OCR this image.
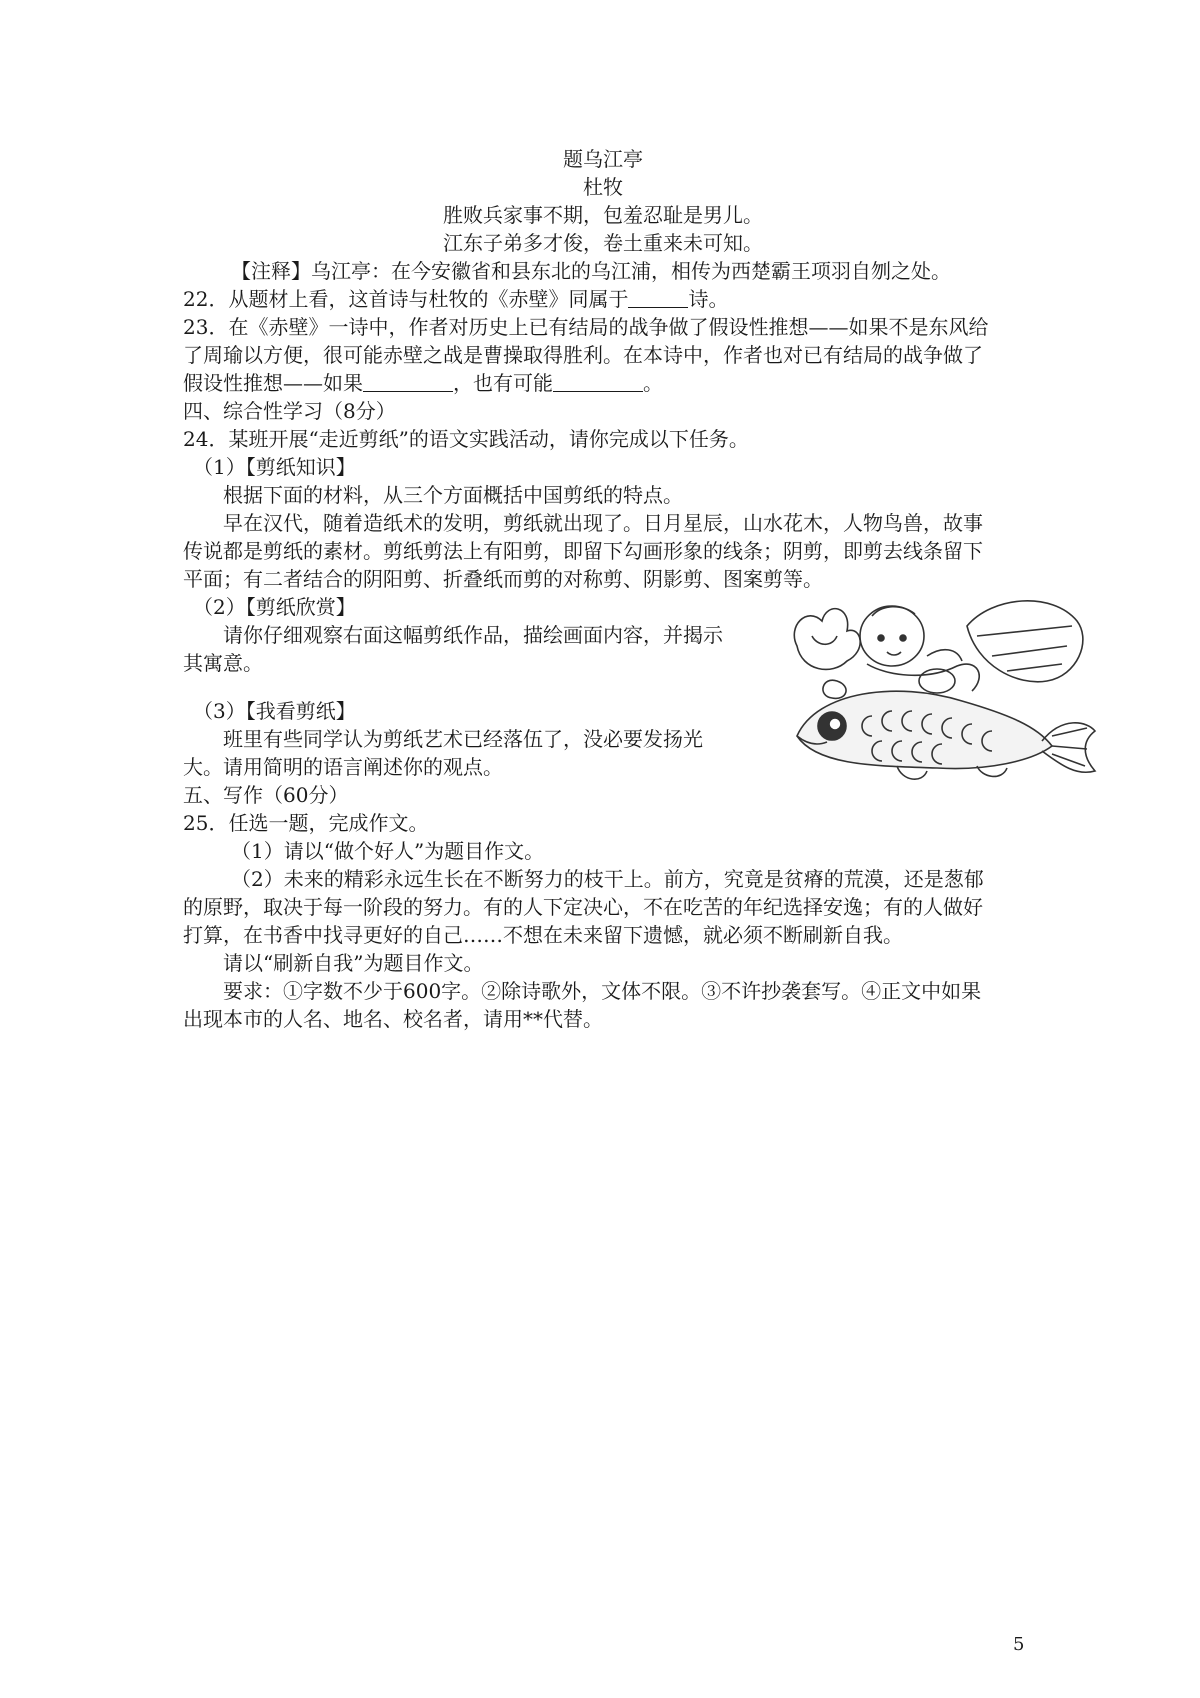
题乌江亭
杜牧
胜败兵家事不期，包羞忍耻是男儿。
江东子弟多才俊，卷土重来未可知。
【注释】乌江亭：在今安徽省和县东北的乌江浦，相传为西楚霸王项羽自刎之处。
22．从题材上看，这首诗与杜牧的《赤壁》同属于	诗。
23．在《赤壁》一诗中，作者对历史上已有结局的战争做了假设性推想——如果不是东风给
了周瑜以方便，很可能赤壁之战是曹操取得胜利。在本诗中，作者也对已有结局的战争做了
假设性推想——如果	，也有可能	。
四、综合性学习（8分）
24．某班开展“走近剪纸”的语文实践活动，请你完成以下任务。
（1）【剪纸知识】
根据下面的材料，从三个方面概括中国剪纸的特点。
早在汉代，随着造纸术的发明，剪纸就出现了。日月星辰，山水花木，人物鸟兽，故事
传说都是剪纸的素材。剪纸剪法上有阳剪，即留下勾画形象的线条；阴剪，即剪去线条留下
平面；有二者结合的阴阳剪、折叠纸而剪的对称剪、阴影剪、图案剪等。
（2）【剪纸欣赏】
请你仔细观察右面这幅剪纸作品，描绘画面内容，并揭示
其寓意。
（3）【我看剪纸】
班里有些同学认为剪纸艺术已经落伍了，没必要发扬光
大。请用简明的语言阐述你的观点。
五、写作（60分）
25．任选一题，完成作文。
（1）请以“做个好人”为题目作文。
（2）未来的精彩永远生长在不断努力的枝干上。前方，究竟是贫瘠的荒漠，还是葱郁
的原野，取决于每一阶段的努力。有的人下定决心，不在吃苦的年纪选择安逸；有的人做好
打算，在书香中找寻更好的自己……不想在未来留下遗憾，就必须不断刷新自我。
请以“刷新自我”为题目作文。
要求：①字数不少于600字。②除诗歌外，文体不限。③不许抄袭套写。④正文中如果
出现本市的人名、地名、校名者，请用**代替。
5
